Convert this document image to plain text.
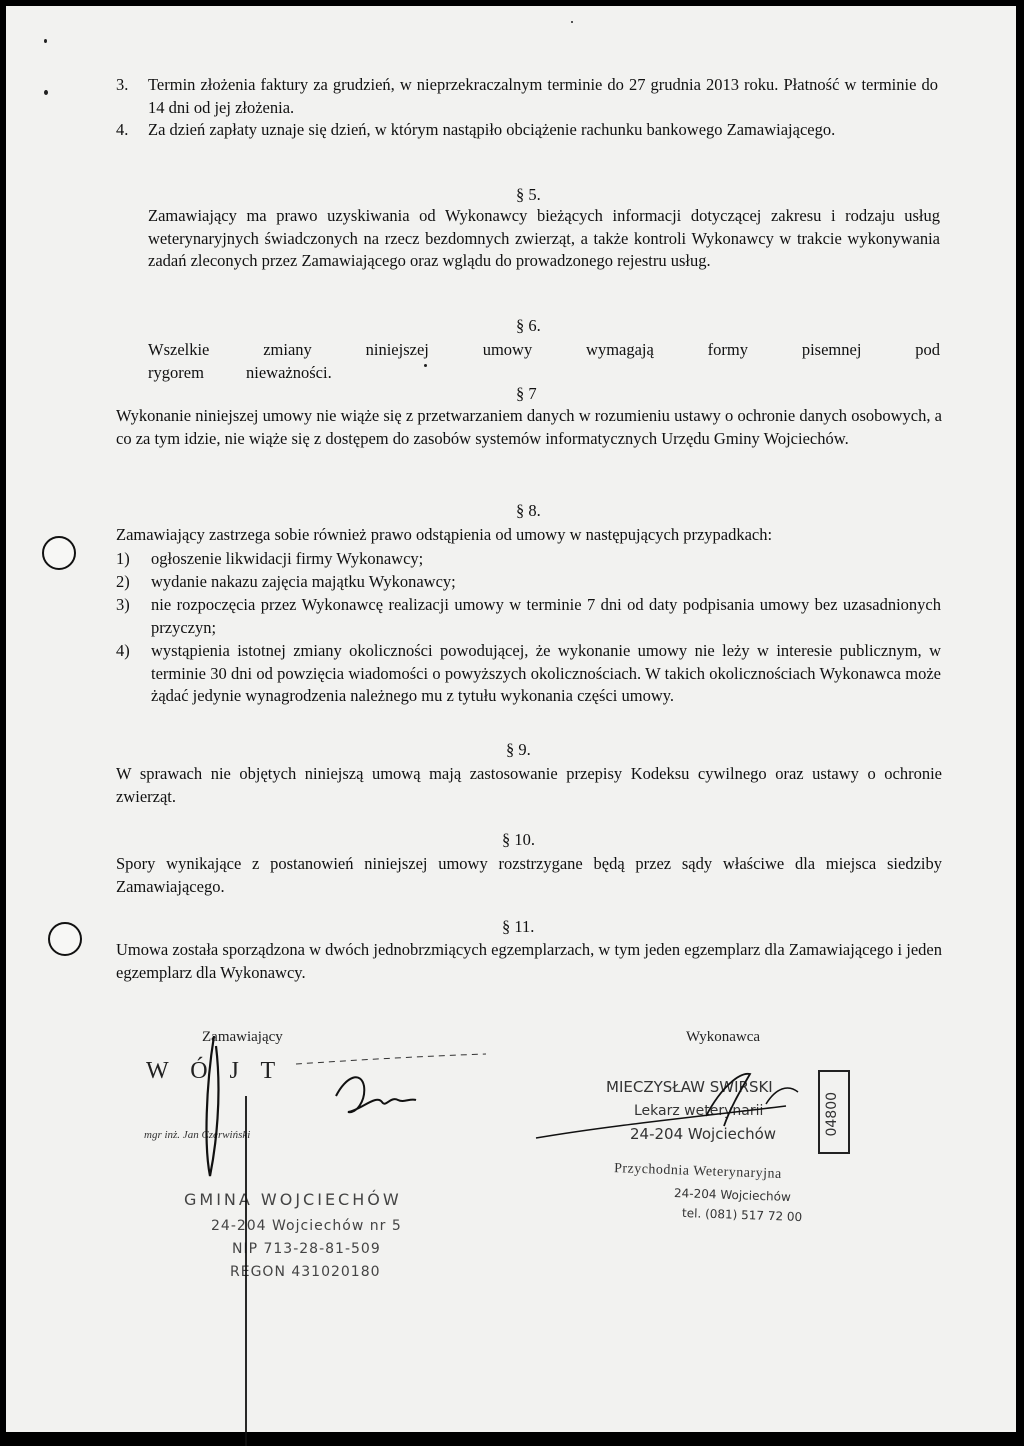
3.	Termin złożenia faktury za grudzień, w nieprzekraczalnym terminie do 27 grudnia 2013 roku. Płatność w terminie do 14 dni od jej złożenia.
4.	Za dzień zapłaty uznaje się dzień, w którym nastąpiło obciążenie rachunku bankowego Zamawiającego.
§ 5.
Zamawiający ma prawo uzyskiwania od Wykonawcy bieżących informacji dotyczącej zakresu i rodzaju usług weterynaryjnych świadczonych na rzecz bezdomnych zwierząt, a także kontroli Wykonawcy w trakcie wykonywania zadań zleconych przez Zamawiającego oraz wglądu do prowadzonego rejestru usług.
§ 6.
Wszelkie zmiany niniejszej umowy wymagają formy pisemnej pod rygorem nieważności.
§ 7
Wykonanie niniejszej umowy nie wiąże się z przetwarzaniem danych w rozumieniu ustawy o ochronie danych osobowych, a co za tym idzie, nie wiąże się z dostępem do zasobów systemów informatycznych Urzędu Gminy Wojciechów.
§ 8.
Zamawiający zastrzega sobie również prawo odstąpienia od umowy w następujących przypadkach:
1)	ogłoszenie likwidacji firmy Wykonawcy;
2)	wydanie nakazu zajęcia majątku Wykonawcy;
3)	nie rozpoczęcia przez Wykonawcę realizacji umowy w terminie 7 dni od daty podpisania umowy bez uzasadnionych przyczyn;
4)	wystąpienia istotnej zmiany okoliczności powodującej, że wykonanie umowy nie leży w interesie publicznym, w terminie 30 dni od powzięcia wiadomości o powyższych okolicznościach. W takich okolicznościach Wykonawca może żądać jedynie wynagrodzenia należnego mu z tytułu wykonania części umowy.
§ 9.
W sprawach nie objętych niniejszą umową mają zastosowanie przepisy Kodeksu cywilnego oraz ustawy o ochronie zwierząt.
§ 10.
Spory wynikające z postanowień niniejszej umowy rozstrzygane będą przez sądy właściwe dla miejsca siedziby Zamawiającego.
§ 11.
Umowa została sporządzona w dwóch jednobrzmiących egzemplarzach, w tym jeden egzemplarz dla Zamawiającego i jeden egzemplarz dla Wykonawcy.
Zamawiający	Wykonawca
W Ó J T
mgr inż. Jan Czerwiński
GMINA WOJCIECHÓW
24-204 Wojciechów nr 5
NIP 713-28-81-509
REGON 431020180
MIECZYSŁAW SWIRSKI
Lekarz weterynarii
24-204 Wojciechów	04800
Przychodnia Weterynaryjna
24-204 Wojciechów
tel. (081) 517 72 00
